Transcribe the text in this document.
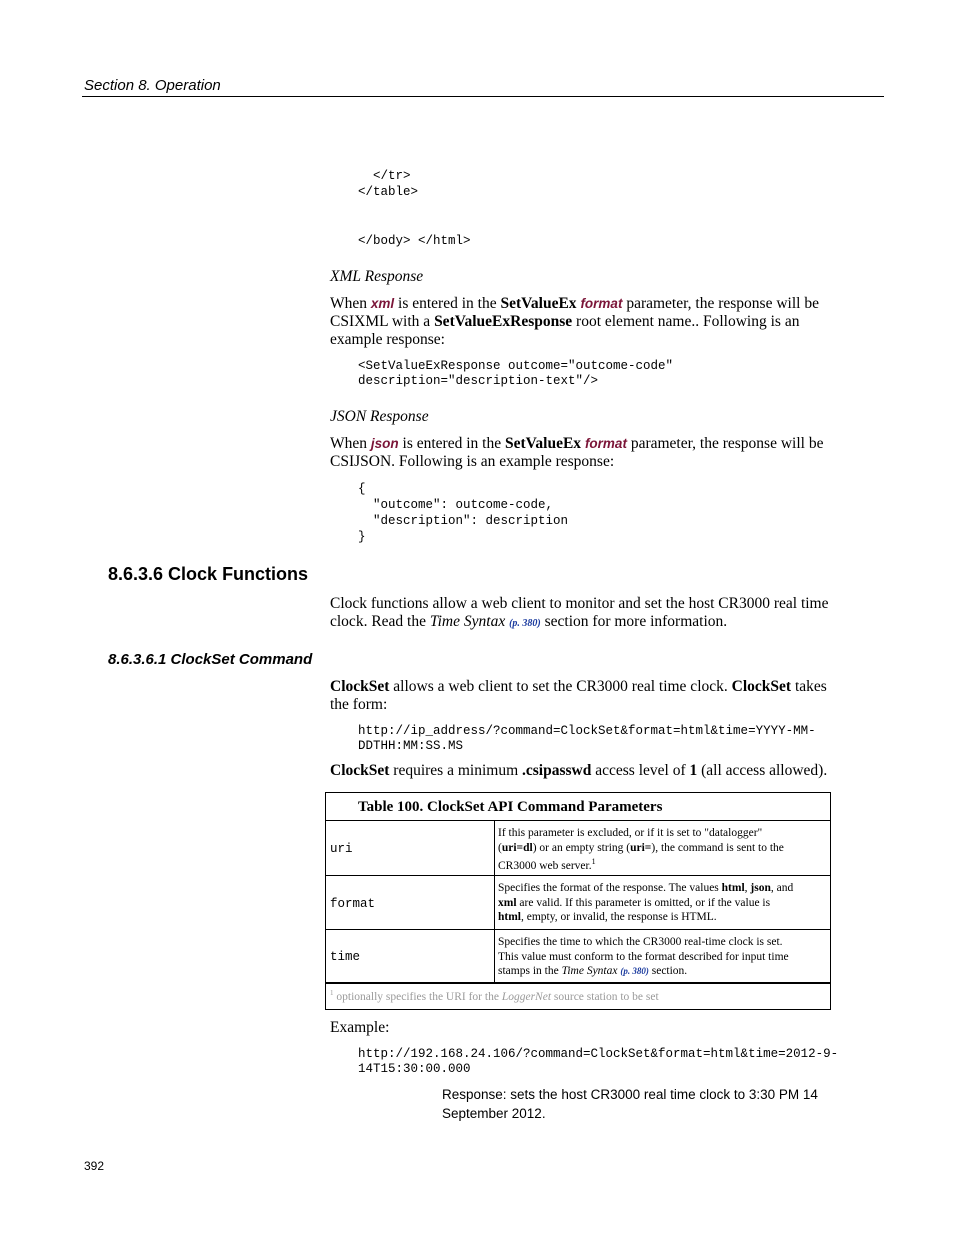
Section 8. Operation
</tr>
</table>
</body> </html>
XML Response
When xml is entered in the SetValueEx format parameter, the response will be
CSIXML with a SetValueExResponse root element name.. Following is an
example response:
<SetValueExResponse outcome="outcome-code"
description="description-text"/>
JSON Response
When json is entered in the SetValueEx format parameter, the response will be
CSIJSON. Following is an example response:
{
"outcome": outcome-code,
"description": description
}
8.6.3.6 Clock Functions
Clock functions allow a web client to monitor and set the host CR3000 real time
clock. Read the Time Syntax (p. 380) section for more information.
8.6.3.6.1 ClockSet Command
ClockSet allows a web client to set the CR3000 real time clock. ClockSet takes
the form:
http://ip_address/?command=ClockSet&format=html&time=YYYY-MM-
DDTHH:MM:SS.MS
ClockSet requires a minimum .csipasswd access level of 1 (all access allowed).
Table 100. ClockSet API Command Parameters
uri
If this parameter is excluded, or if it is set to "datalogger"
(uri=dl) or an empty string (uri=), the command is sent to the
CR3000 web server.$^1$
format
Specifies the format of the response. The values html, json, and
xml are valid. If this parameter is omitted, or if the value is
html, empty, or invalid, the response is HTML.
time
Specifies the time to which the CR3000 real-time clock is set.
This value must conform to the format described for input time
stamps in the Time Syntax (p. 380) section.
$^1$ optionally specifies the URI for the LoggerNet source station to be set
Example:
http://192.168.24.106/?command=ClockSet&format=html&time=2012-9-
14T15:30:00.000
Response: sets the host CR3000 real time clock to 3:30 PM 14
September 2012.
392
